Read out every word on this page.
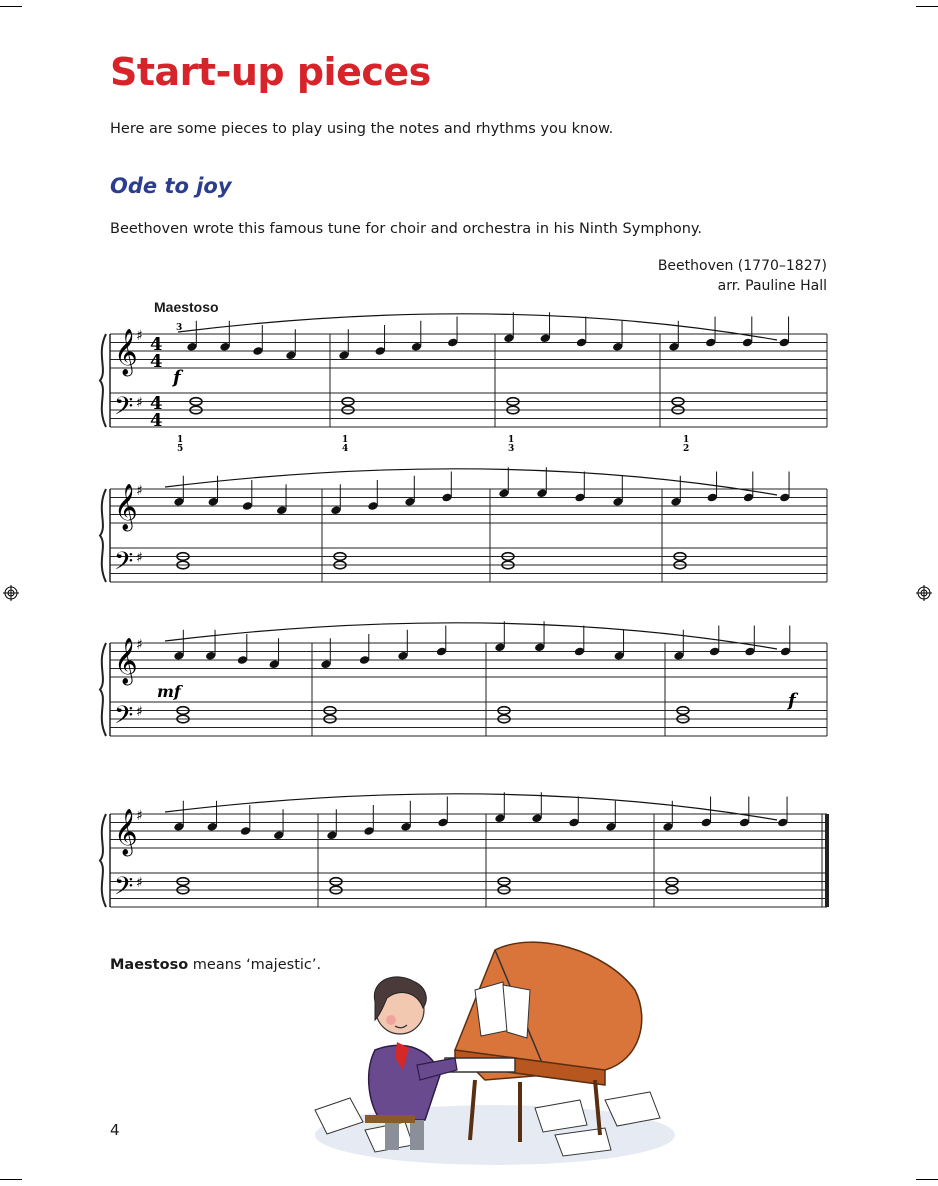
Start-up pieces
Here are some pieces to play using the notes and rhythms you know.
Ode to joy
Beethoven wrote this famous tune for choir and orchestra in his Ninth Symphony.
Beethoven (1770–1827)
arr. Pauline Hall
Maestoso
𝄞
𝄢
♯
♯
4
4
4
4
𝄞
𝄢
♯
♯
𝄞
𝄢
♯
♯
𝄞
𝄢
♯
♯
f
mf	f
3
1
5
1
4
1
3
1
2
Maestoso means ‘majestic’.
4
